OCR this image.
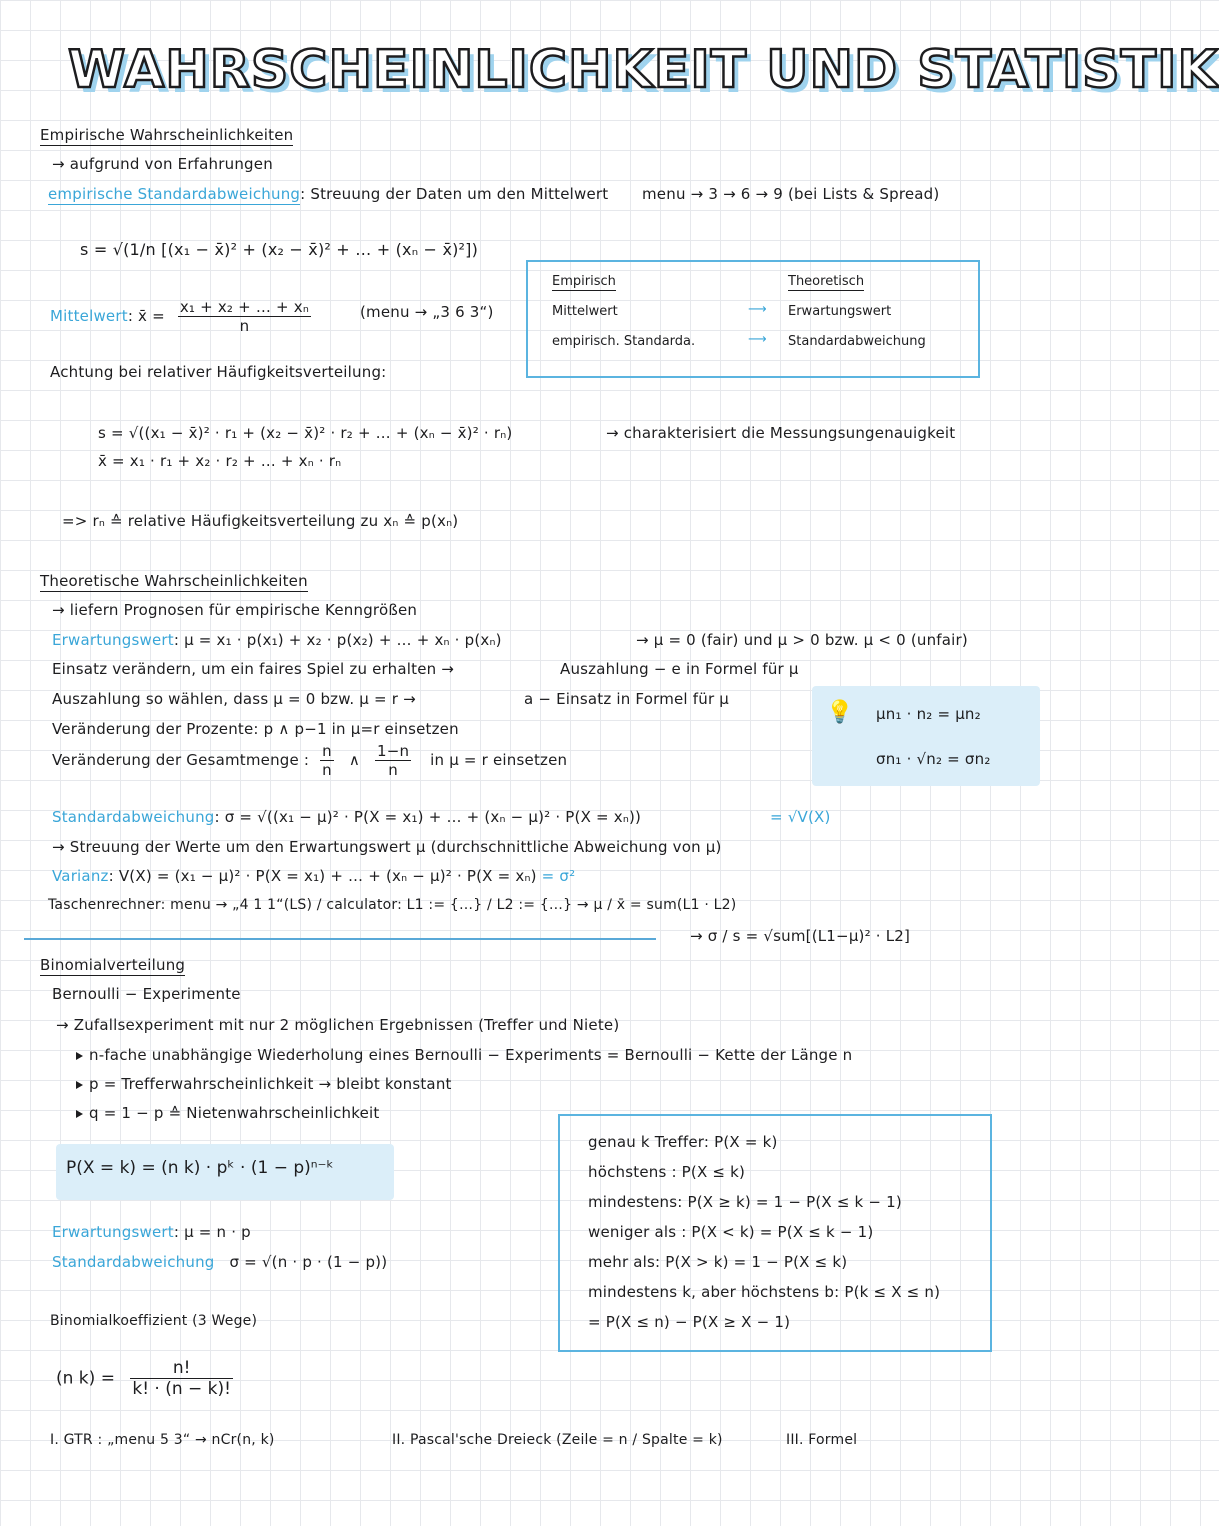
WAHRSCHEINLICHKEIT UND STATISTIK
Empirische Wahrscheinlichkeiten
→ aufgrund von Erfahrungen
empirische Standardabweichung: Streuung der Daten um den Mittelwert menu → 3 → 6 → 9 (bei Lists & Spread)
s = √(1/n [(x₁ − x̄)² + (x₂ − x̄)² + … + (xₙ − x̄)²])
Mittelwert: x̄ = $\frac{\text{x₁ + x₂ + … + xₙ}}{n}$	(menu → „3 6 3“)
Achtung bei relativer Häufigkeitsverteilung:
s = √((x₁ − x̄)² · r₁ + (x₂ − x̄)² · r₂ + … + (xₙ − x̄)² · rₙ)
x̄ = x₁ · r₁ + x₂ · r₂ + … + xₙ · rₙ
→ charakterisiert die Messungsungenauigkeit
=> rₙ ≙ relative Häufigkeitsverteilung zu xₙ ≙ p(xₙ)
Empirisch	Theoretisch
Mittelwert	⟶ Erwartungswert
empirisch. Standarda.	⟶ Standardabweichung
Theoretische Wahrscheinlichkeiten
→ liefern Prognosen für empirische Kenngrößen
Erwartungswert: μ = x₁ · p(x₁) + x₂ · p(x₂) + … + xₙ · p(xₙ)	→ μ = 0 (fair) und μ > 0 bzw. μ < 0 (unfair)
Einsatz verändern, um ein faires Spiel zu erhalten →	Auszahlung − e in Formel für μ
Auszahlung so wählen, dass μ = 0 bzw. μ = r →	a − Einsatz in Formel für μ
Veränderung der Prozente: p ∧ p−1 in μ=r einsetzen
Veränderung der Gesamtmenge : $\frac{n}{n}$ ∧ $\frac{1-n}{n}$ in μ = r einsetzen
💡 μn₁ · n₂ = μn₂
σn₁ · √n₂ = σn₂
Standardabweichung: σ = √((x₁ − μ)² · P(X = x₁) + … + (xₙ − μ)² · P(X = xₙ))	= √V(X)
→ Streuung der Werte um den Erwartungswert μ (durchschnittliche Abweichung von μ)
Varianz: V(X) = (x₁ − μ)² · P(X = x₁) + … + (xₙ − μ)² · P(X = xₙ) = σ²
Taschenrechner: menu → „4 1 1“(LS) / calculator: L1 := {…} / L2 := {…} → μ / x̄ = sum(L1 · L2)
→ σ / s = √sum[(L1−μ)² · L2]
Binomialverteilung
Bernoulli − Experimente
→ Zufallsexperiment mit nur 2 möglichen Ergebnissen (Treffer und Niete)
n-fache unabhängige Wiederholung eines Bernoulli − Experiments = Bernoulli − Kette der Länge n
p = Trefferwahrscheinlichkeit → bleibt konstant
q = 1 − p ≙ Nietenwahrscheinlichkeit
P(X = k) = (n k) · pᵏ · (1 − p)ⁿ⁻ᵏ
Erwartungswert: μ = n · p
Standardabweichung σ = √(n · p · (1 − p))
Binomialkoeffizient (3 Wege)
(n $k) = \frac{n!}{k! \cdot (n - k)!}$
I. GTR : „menu 5 3“ → nCr(n, k)	II. Pascal'sche Dreieck (Zeile = n / Spalte = k)	III. Formel
genau k Treffer: P(X = k)
höchstens : P(X ≤ k)
mindestens: P(X ≥ k) = 1 − P(X ≤ k − 1)
weniger als : P(X < k) = P(X ≤ k − 1)
mehr als: P(X > k) = 1 − P(X ≤ k)
mindestens k, aber höchstens b: P(k ≤ X ≤ n)
= P(X ≤ n) − P(X ≥ X − 1)
